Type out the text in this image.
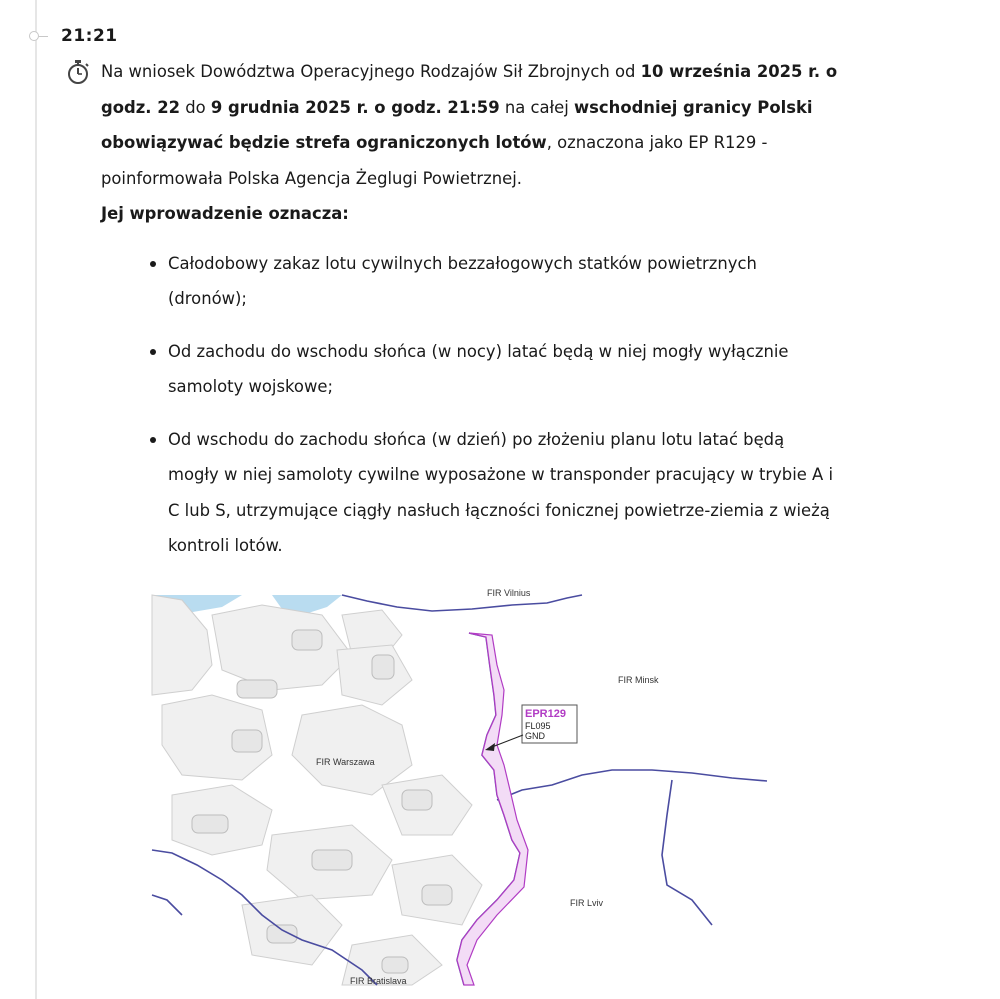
21:21

Na wniosek Dowództwa Operacyjnego Rodzajów Sił Zbrojnych od 10 września 2025 r. o godz. 22 do 9 grudnia 2025 r. o godz. 21:59 na całej wschodniej granicy Polski obowiązywać będzie strefa ograniczonych lotów, oznaczona jako EP R129 - poinformowała Polska Agencja Żeglugi Powietrznej.

Jej wprowadzenie oznacza:

Całodobowy zakaz lotu cywilnych bezzałogowych statków powietrznych (dronów);
Od zachodu do wschodu słońca (w nocy) latać będą w niej mogły wyłącznie samoloty wojskowe;
Od wschodu do zachodu słońca (w dzień) po złożeniu planu lotu latać będą mogły w niej samoloty cywilne wyposażone w transponder pracujący w trybie A i C lub S, utrzymujące ciągły nasłuch łączności fonicznej powietrze-ziemia z wieżą kontroli lotów.
EPR129
FL095
GND
FIR Vilnius
FIR Minsk
FIR Warszawa
FIR Lviv
FIR Bratislava
